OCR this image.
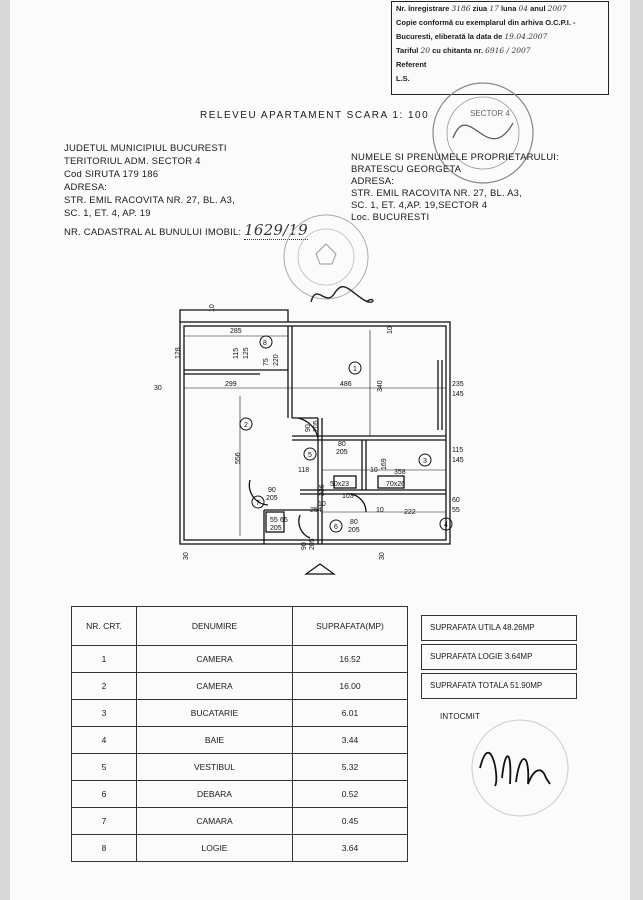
Nr. înregistrare 3186 ziua 17 luna 04 anul 2007
Copie conformă cu exemplarul din arhiva O.C.P.I. -
Bucuresti, eliberată la data de 19.04.2007
Tariful 20 cu chitanta nr. 6916 / 2007
Referent
L.S.
SECTOR 4
RELEVEU APARTAMENT SCARA 1: 100
JUDETUL MUNICIPIUL BUCURESTI
TERITORIUL ADM. SECTOR 4
Cod SIRUTA 179 186
ADRESA:
STR. EMIL RACOVITA NR. 27, BL. A3,
SC. 1, ET. 4, AP. 19
NR. CADASTRAL AL BUNULUI IMOBIL: 1629/19
NUMELE SI PRENUMELE PROPRIETARULUI:
BRATESCU GEORGETA
ADRESA:
STR. EMIL RACOVITA NR. 27, BL. A3,
SC. 1, ET. 4,AP. 19,SECTOR 4
Loc. BUCURESTI
285
299	486
128	115 125
75 220
340
556
30
10
10
235
145
115
145
90 205
80
205
118
169
358
10
50x23	70x26
336
103
90
205
254	222
60
55
55 65
205
80
205
90 205
30	30
10
10
8
1
2
3
5
4
7
6
NR. CRT.	DENUMIRE	SUPRAFATA(MP)
1	CAMERA	16.52
2	CAMERA	16.00
3	BUCATARIE	6.01
4	BAIE	3.44
5	VESTIBUL	5.32
6	DEBARA	0.52
7	CAMARA	0.45
8	LOGIE	3.64
SUPRAFATA UTILA 48.26MP
SUPRAFATA LOGIE 3.64MP
SUPRAFATA TOTALA 51.90MP
INTOCMIT
